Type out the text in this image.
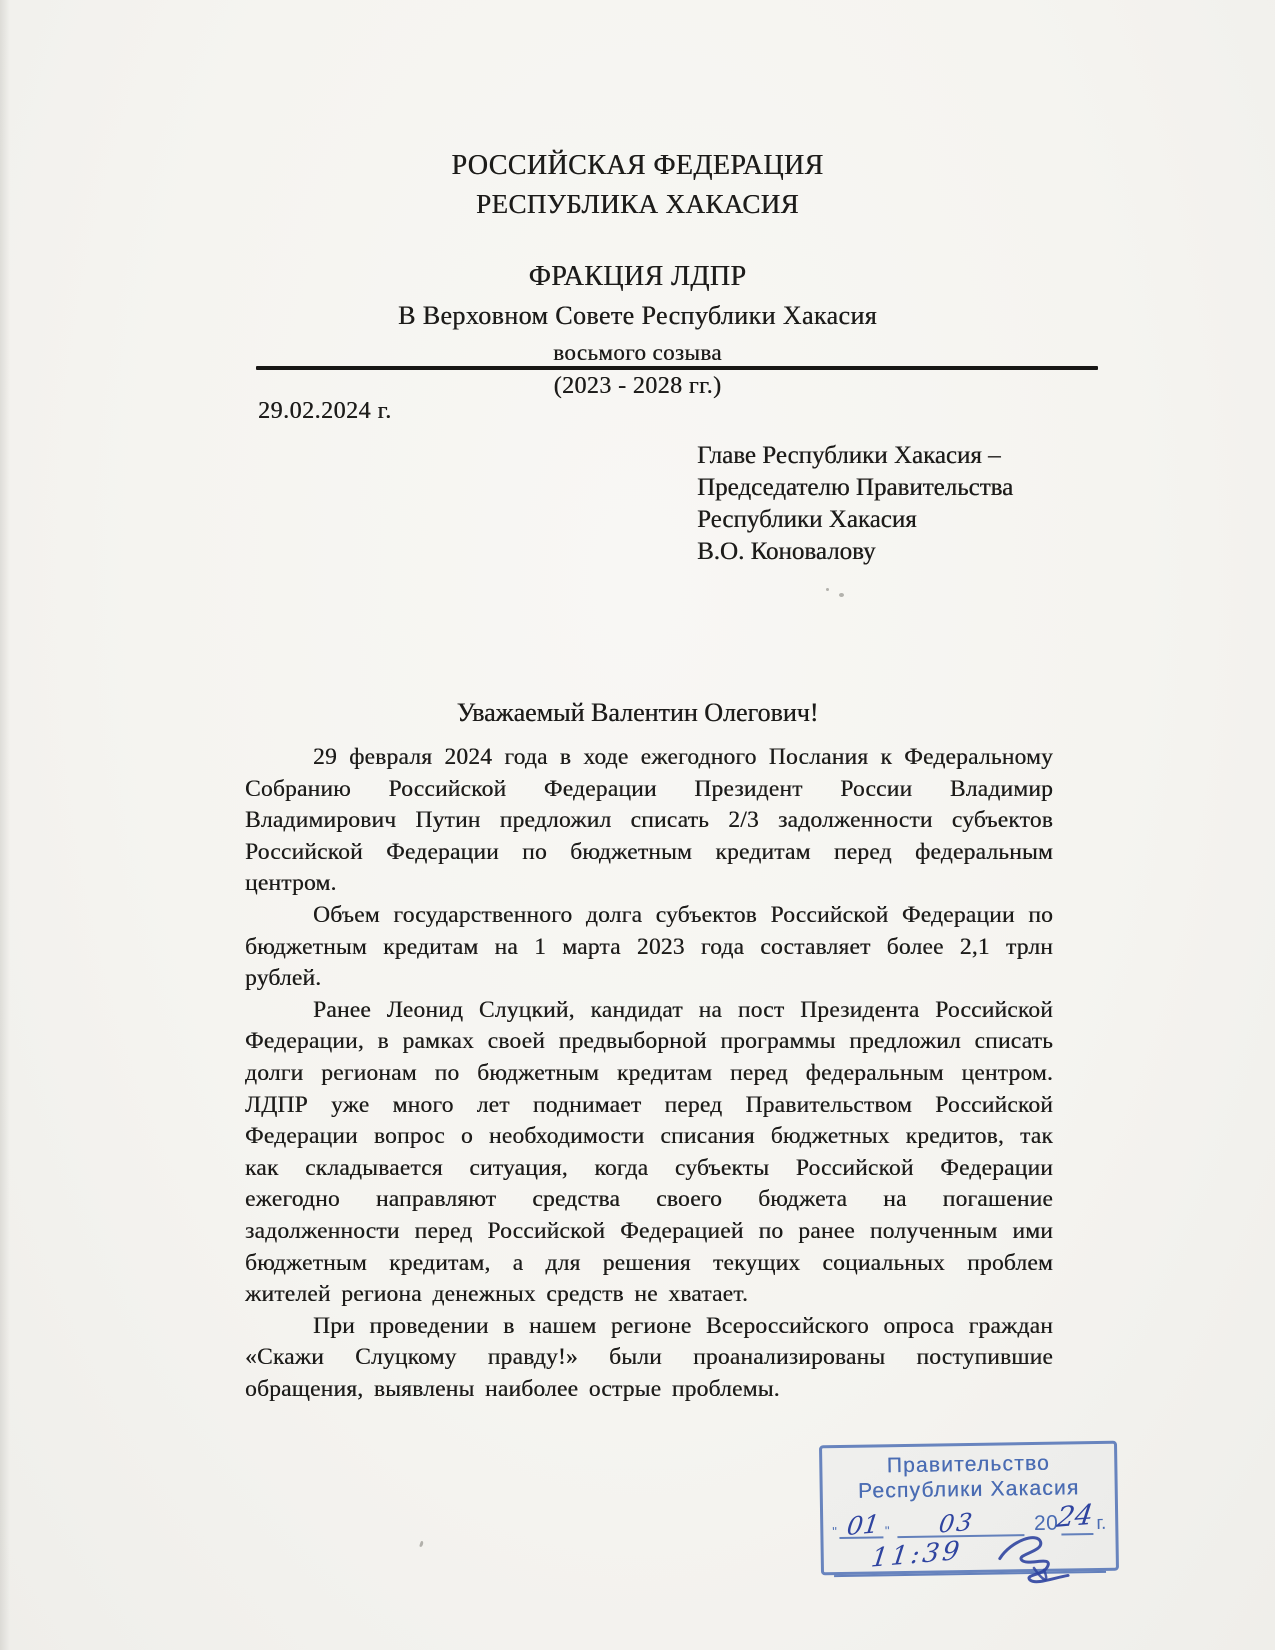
РОССИЙСКАЯ ФЕДЕРАЦИЯ
РЕСПУБЛИКА ХАКАСИЯ
ФРАКЦИЯ ЛДПР
В Верховном Совете Республики Хакасия
восьмого созыва
(2023 - 2028 гг.)
29.02.2024 г.
Главе Республики Хакасия –
Председателю Правительства
Республики Хакасия
В.О. Коновалову
Уважаемый Валентин Олегович!

29 февраля 2024 года в ходе ежегодного Послания к Федеральному Собранию Российской Федерации Президент России Владимир Владимирович Путин предложил списать 2/3 задолженности субъектов Российской Федерации по бюджетным кредитам перед федеральным центром.

Объем государственного долга субъектов Российской Федерации по бюджетным кредитам на 1 марта 2023 года составляет более 2,1 трлн рублей.

Ранее Леонид Слуцкий, кандидат на пост Президента Российской Федерации, в рамках своей предвыборной программы предложил списать долги регионам по бюджетным кредитам перед федеральным центром. ЛДПР уже много лет поднимает перед Правительством Российской Федерации вопрос о необходимости списания бюджетных кредитов, так как складывается ситуация, когда субъекты Российской Федерации ежегодно направляют средства своего бюджета на погашение задолженности перед Российской Федерацией по ранее полученным ими бюджетным кредитам, а для решения текущих социальных проблем жителей региона денежных средств не хватает.

При проведении в нашем регионе Всероссийского опроса граждан «Скажи Слуцкому правду!» были проанализированы поступившие обращения, выявлены наиболее острые проблемы.

Правительство
Республики Хакасия
" 01 " 03	20
24 г.
11:39
